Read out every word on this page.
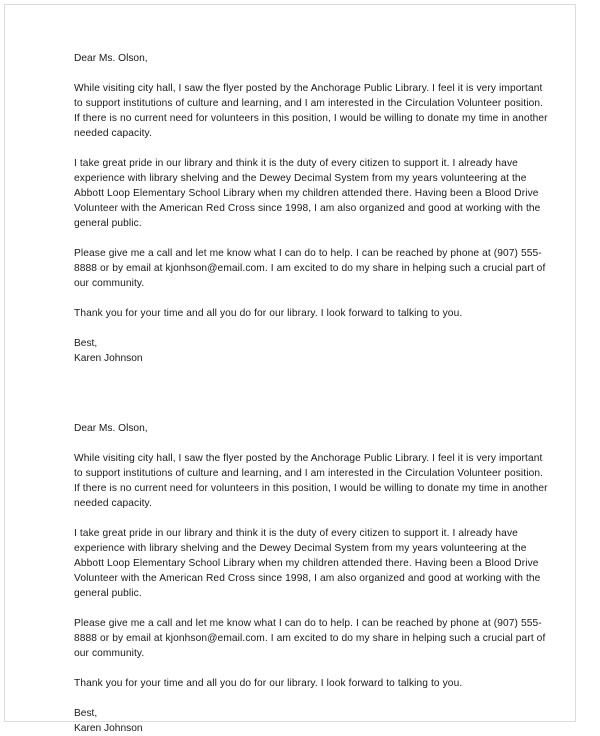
Dear Ms. Olson,

While visiting city hall, I saw the flyer posted by the Anchorage Public Library. I feel it is very important to support institutions of culture and learning, and I am interested in the Circulation Volunteer position. If there is no current need for volunteers in this position, I would be willing to donate my time in another needed capacity.

I take great pride in our library and think it is the duty of every citizen to support it. I already have experience with library shelving and the Dewey Decimal System from my years volunteering at the Abbott Loop Elementary School Library when my children attended there. Having been a Blood Drive Volunteer with the American Red Cross since 1998, I am also organized and good at working with the general public.

Please give me a call and let me know what I can do to help. I can be reached by phone at (907) 555-8888 or by email at kjonhson@email.com. I am excited to do my share in helping such a crucial part of our community.

Thank you for your time and all you do for our library. I look forward to talking to you.

Best,
Karen Johnson

Dear Ms. Olson,

While visiting city hall, I saw the flyer posted by the Anchorage Public Library. I feel it is very important to support institutions of culture and learning, and I am interested in the Circulation Volunteer position. If there is no current need for volunteers in this position, I would be willing to donate my time in another needed capacity.

I take great pride in our library and think it is the duty of every citizen to support it. I already have experience with library shelving and the Dewey Decimal System from my years volunteering at the Abbott Loop Elementary School Library when my children attended there. Having been a Blood Drive Volunteer with the American Red Cross since 1998, I am also organized and good at working with the general public.

Please give me a call and let me know what I can do to help. I can be reached by phone at (907) 555-8888 or by email at kjonhson@email.com. I am excited to do my share in helping such a crucial part of our community.

Thank you for your time and all you do for our library. I look forward to talking to you.

Best,
Karen Johnson
